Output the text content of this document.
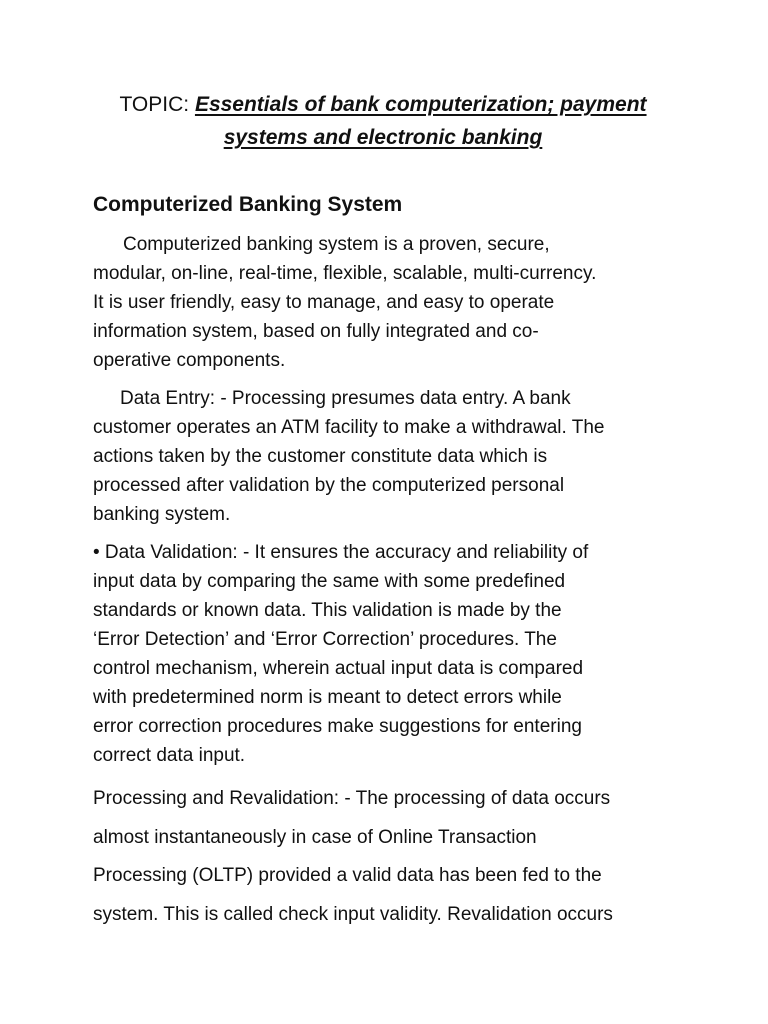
TOPIC: Essentials of bank computerization; payment
systems and electronic banking
Computerized Banking System
Computerized banking system is a proven, secure,
modular, on-line, real-time, flexible, scalable, multi-currency.
It is user friendly, easy to manage, and easy to operate
information system, based on fully integrated and co-
operative components.
Data Entry: - Processing presumes data entry. A bank
customer operates an ATM facility to make a withdrawal. The
actions taken by the customer constitute data which is
processed after validation by the computerized personal
banking system.
• Data Validation: - It ensures the accuracy and reliability of
input data by comparing the same with some predefined
standards or known data. This validation is made by the
‘Error Detection’ and ‘Error Correction’ procedures. The
control mechanism, wherein actual input data is compared
with predetermined norm is meant to detect errors while
error correction procedures make suggestions for entering
correct data input.
Processing and Revalidation: - The processing of data occurs
almost instantaneously in case of Online Transaction
Processing (OLTP) provided a valid data has been fed to the
system. This is called check input validity. Revalidation occurs
